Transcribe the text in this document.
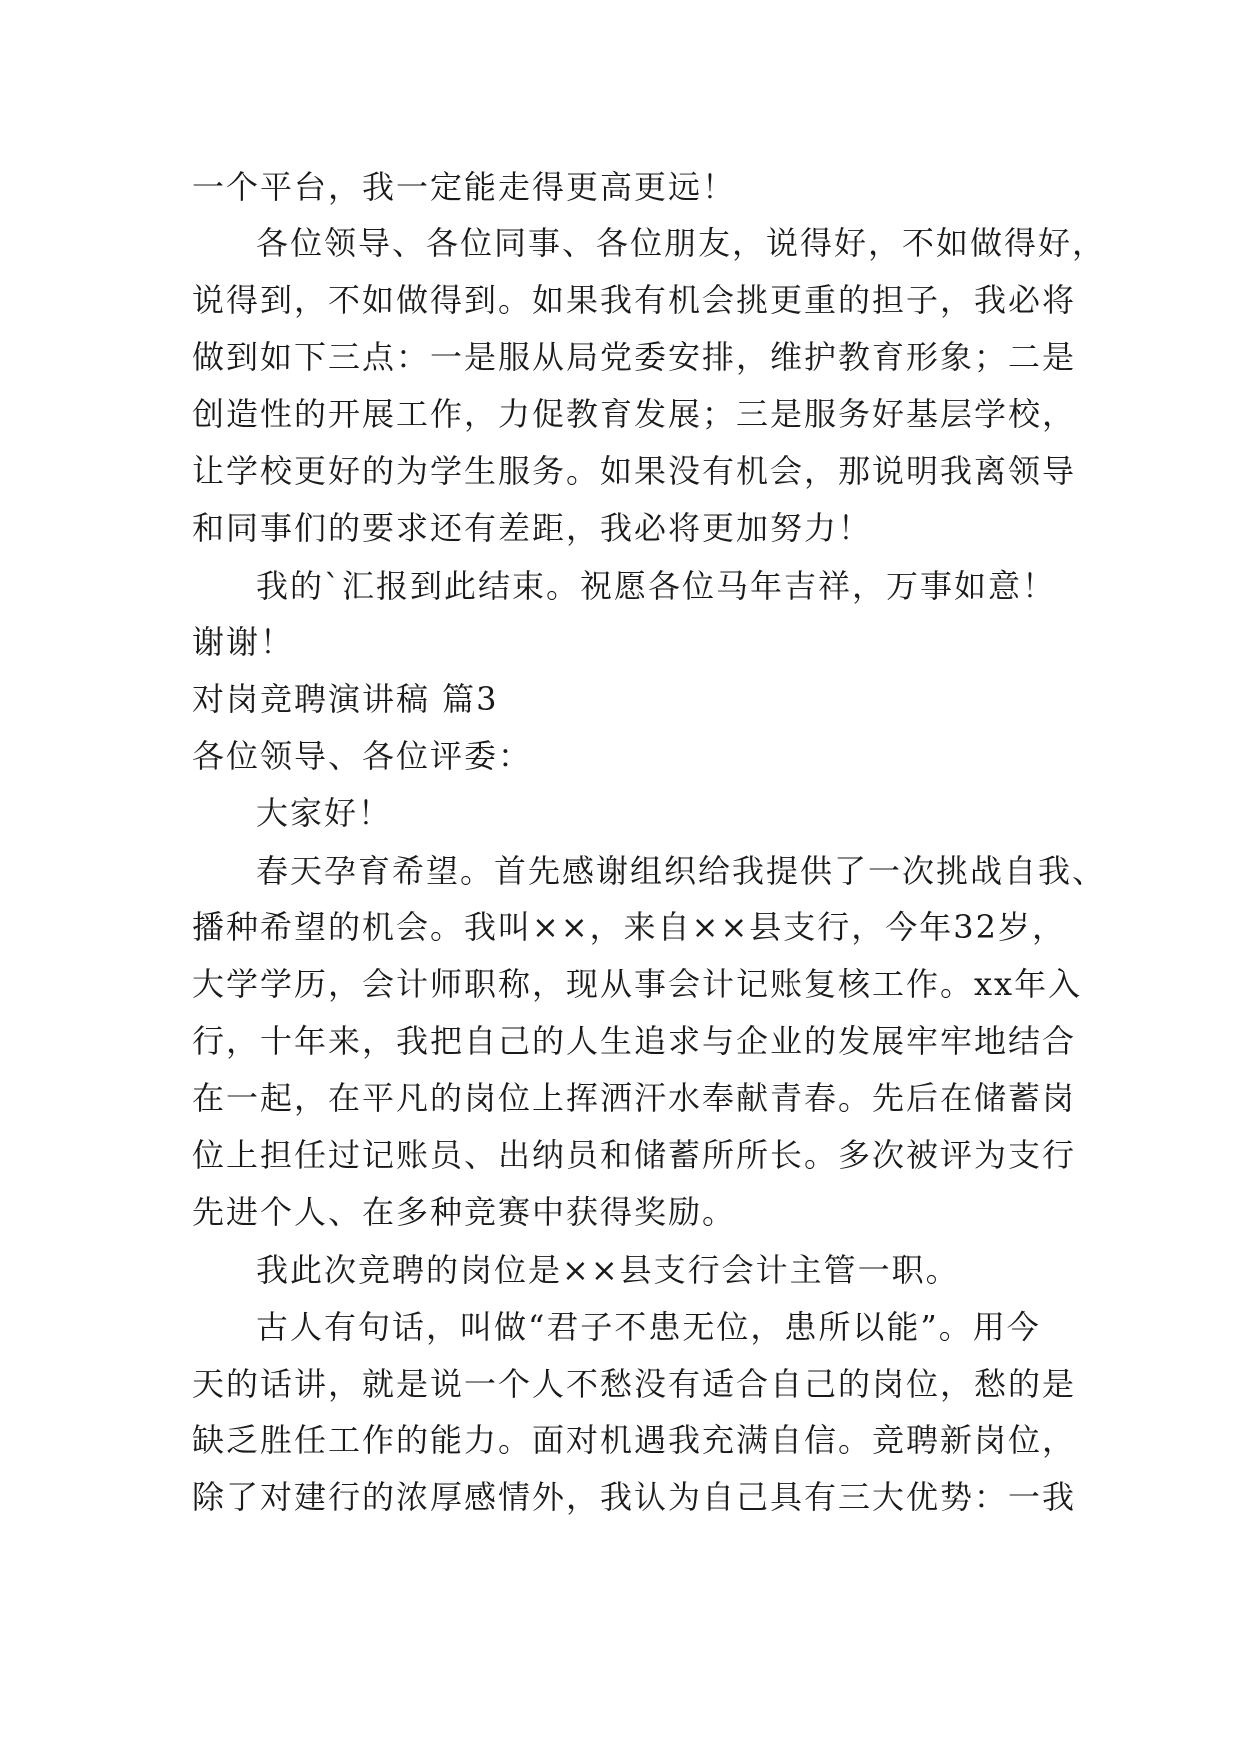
一个平台，我一定能走得更高更远！
各位领导、各位同事、各位朋友，说得好，不如做得好，
说得到，不如做得到。如果我有机会挑更重的担子，我必将
做到如下三点：一是服从局党委安排，维护教育形象；二是
创造性的开展工作，力促教育发展；三是服务好基层学校，
让学校更好的为学生服务。如果没有机会，那说明我离领导
和同事们的要求还有差距，我必将更加努力！
我的`汇报到此结束。祝愿各位马年吉祥，万事如意！
谢谢！
对岗竞聘演讲稿 篇3
各位领导、各位评委：
大家好！
春天孕育希望。首先感谢组织给我提供了一次挑战自我、
播种希望的机会。我叫××，来自××县支行，今年32岁，
大学学历，会计师职称，现从事会计记账复核工作。xx年入
行，十年来，我把自己的人生追求与企业的发展牢牢地结合
在一起，在平凡的岗位上挥洒汗水奉献青春。先后在储蓄岗
位上担任过记账员、出纳员和储蓄所所长。多次被评为支行
先进个人、在多种竞赛中获得奖励。
我此次竞聘的岗位是××县支行会计主管一职。
古人有句话，叫做“君子不患无位，患所以能”。用今
天的话讲，就是说一个人不愁没有适合自己的岗位，愁的是
缺乏胜任工作的能力。面对机遇我充满自信。竞聘新岗位，
除了对建行的浓厚感情外，我认为自己具有三大优势：一我
